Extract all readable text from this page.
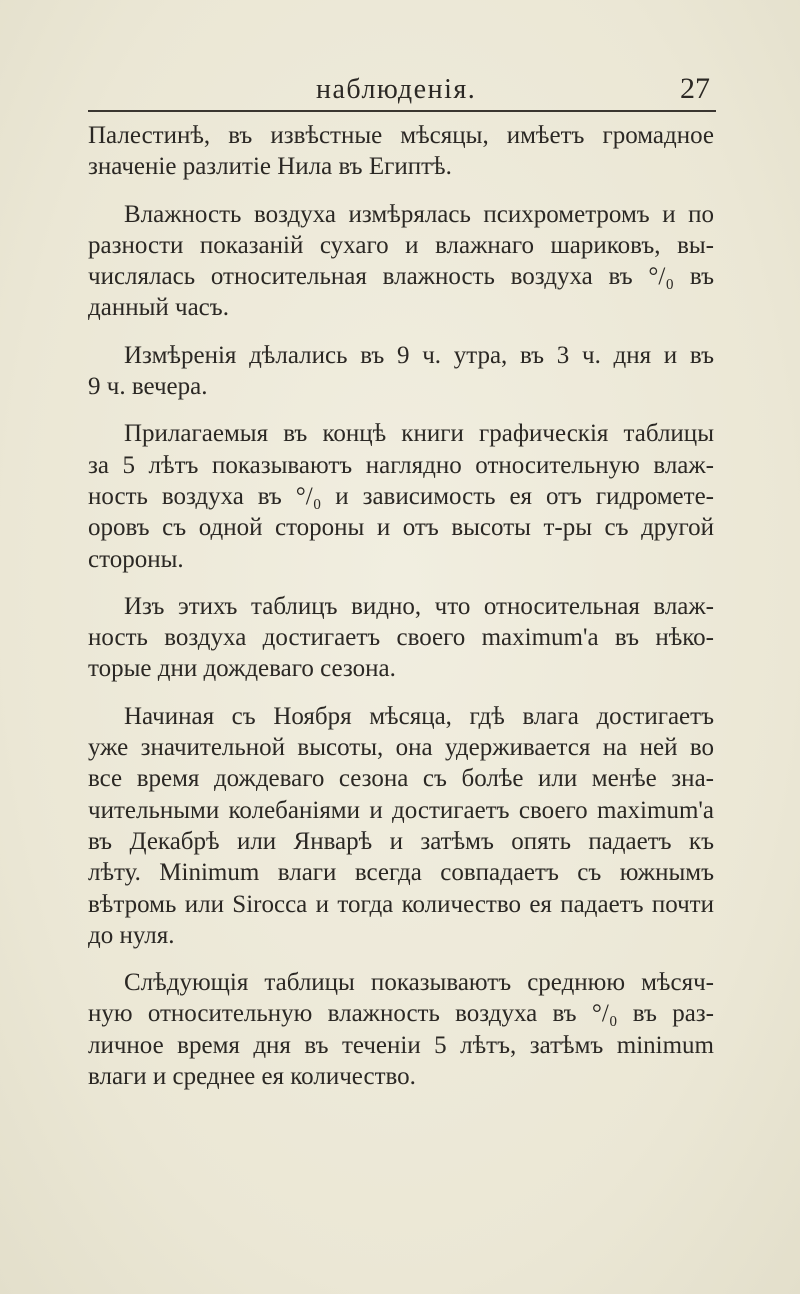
наблюденія.	27

Палестинѣ, въ извѣстные мѣсяцы, имѣетъ громадное
значеніе разлитіе Нила въ Египтѣ.

Влажность воздуха измѣрялась психрометромъ и по
разности показаній сухаго и влажнаго шариковъ, вы-
числялась относительная влажность воздуха въ °/₀ въ
данный часъ.

Измѣренія дѣлались въ 9 ч. утра, въ 3 ч. дня и въ
9 ч. вечера.

Прилагаемыя въ концѣ книги графическія таблицы
за 5 лѣтъ показываютъ наглядно относительную влаж-
ность воздуха въ °/₀ и зависимость ея отъ гидромете-
оровъ съ одной стороны и отъ высоты т-ры съ другой
стороны.

Изъ этихъ таблицъ видно, что относительная влаж-
ность воздуха достигаетъ своего maximum'а въ нѣко-
торые дни дождеваго сезона.

Начиная съ Ноября мѣсяца, гдѣ влага достигаетъ
уже значительной высоты, она удерживается на ней во
все время дождеваго сезона съ болѣе или менѣе зна-
чительными колебаніями и достигаетъ своего maximum'а
въ Декабрѣ или Январѣ и затѣмъ опять падаетъ къ
лѣту. Minimum влаги всегда совпадаетъ съ южнымъ
вѣтромь или Sirocca и тогда количество ея падаетъ почти
до нуля.

Слѣдующія таблицы показываютъ среднюю мѣсяч-
ную относительную влажность воздуха въ °/₀ въ раз-
личное время дня въ теченіи 5 лѣтъ, затѣмъ minimum
влаги и среднее ея количество.
